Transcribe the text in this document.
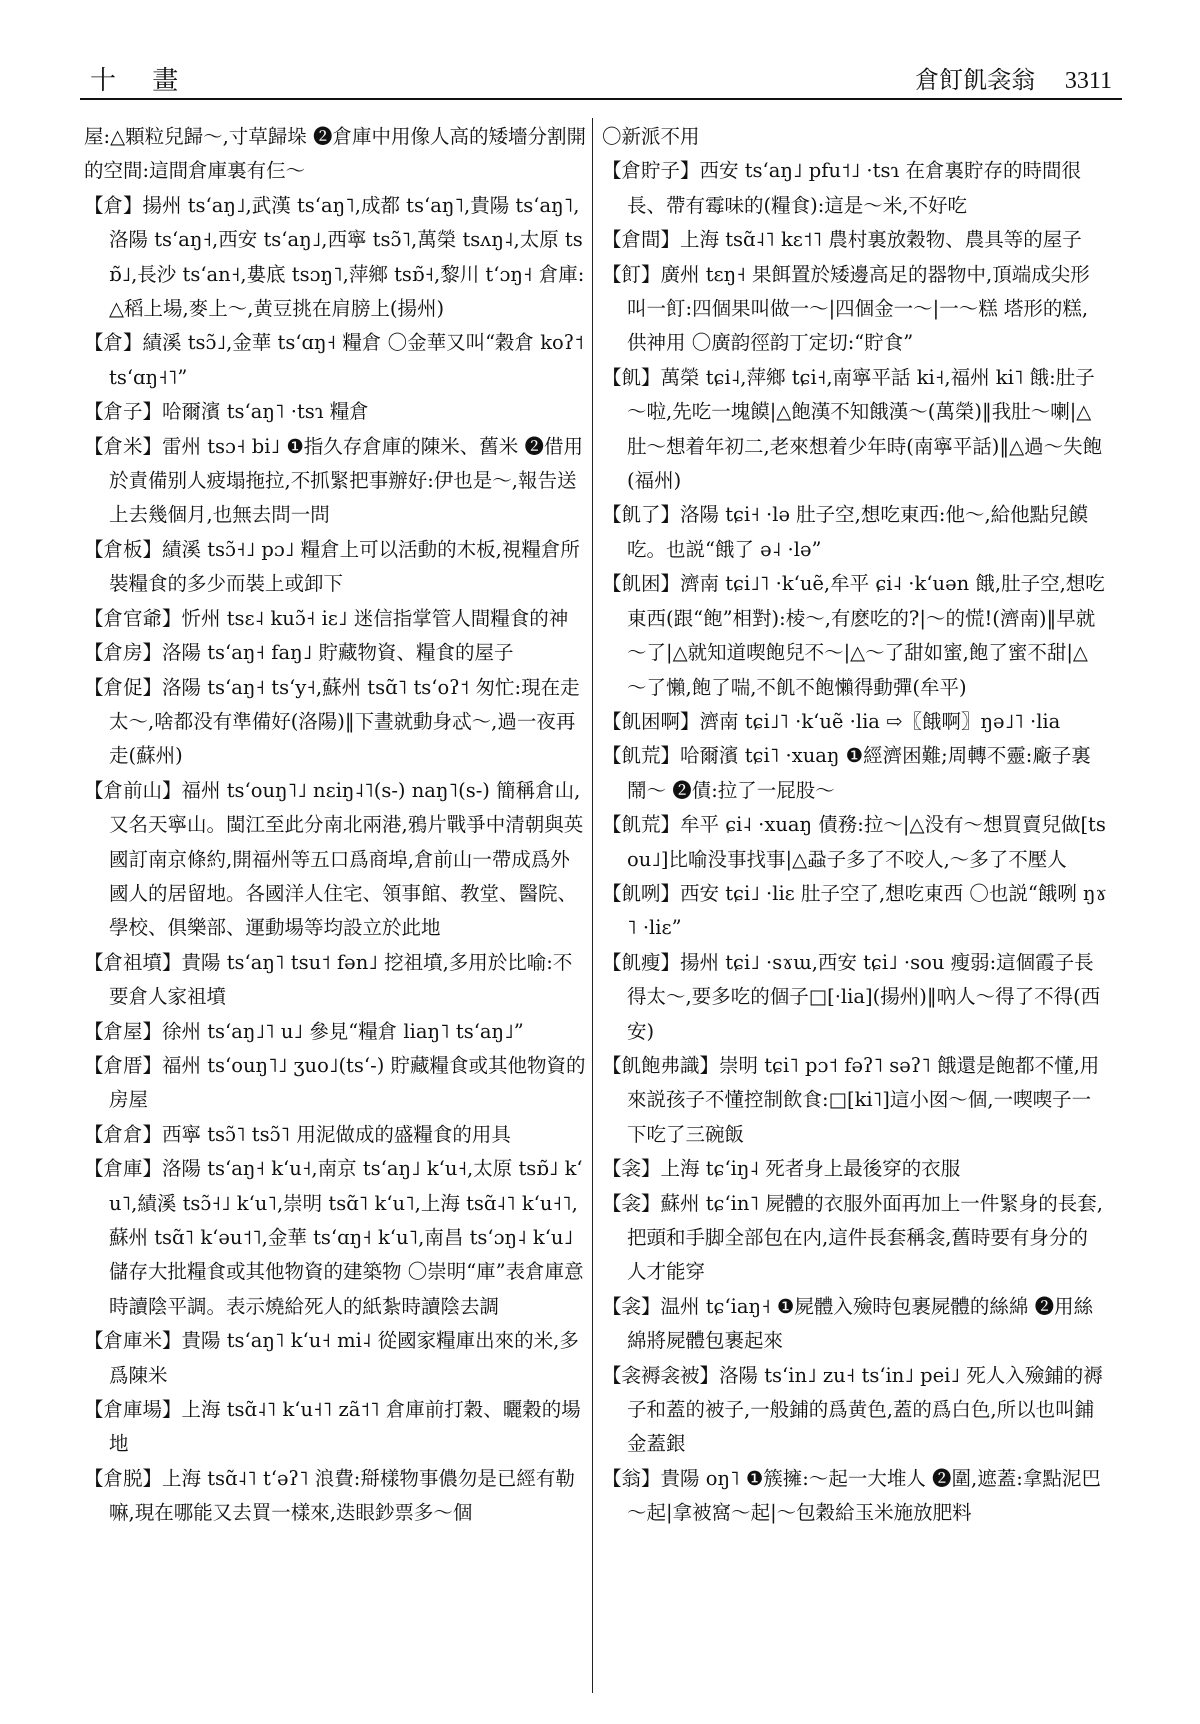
十 畫	倉飣飢衾翁 3311

屋:△顆粒兒歸～,寸草歸垛 ❷倉庫中用像人高的矮墻分割開的空間:這間倉庫裏有仨～

【倉】揚州 tsʻaŋ˩,武漢 tsʻaŋ˥,成都 tsʻaŋ˥,貴陽 tsʻaŋ˥,洛陽 tsʻaŋ˧,西安 tsʻaŋ˩,西寧 tsɔ̃˥,萬榮 tsʌŋ˨,太原 tsɒ̃˩,長沙 tsʻan˧,婁底 tsɔŋ˥,萍鄉 tsɒ̃˧,黎川 tʻɔŋ˧ 倉庫:△稻上場,麥上～,黄豆挑在肩膀上(揚州)

【倉】績溪 tsɔ̃˩,金華 tsʻɑŋ˧ 糧倉 〇金華又叫“穀倉 koʔ˦ tsʻɑŋ˧˥”

【倉子】哈爾濱 tsʻaŋ˥ ·tsɿ 糧倉

【倉米】雷州 tsɔ˧ bi˩ ❶指久存倉庫的陳米、舊米 ❷借用於責備别人疲塌拖拉,不抓緊把事辦好:伊也是～,報告送上去幾個月,也無去問一問

【倉板】績溪 tsɔ̃˧˩ pɔ˩ 糧倉上可以活動的木板,視糧倉所裝糧食的多少而裝上或卸下

【倉官爺】忻州 tsɛ˨ kuɔ̃˧ iɛ˩ 迷信指掌管人間糧食的神

【倉房】洛陽 tsʻaŋ˧ faŋ˩ 貯藏物資、糧食的屋子

【倉促】洛陽 tsʻaŋ˧ tsʻy˧,蘇州 tsɑ̃˥ tsʻoʔ˦ 匆忙:現在走太～,啥都没有準備好(洛陽)‖下晝就動身忒～,過一夜再走(蘇州)

【倉前山】福州 tsʻouŋ˥˩ nɛiŋ˨˥(s-) naŋ˥(s-) 簡稱倉山,又名天寧山。閩江至此分南北兩港,鴉片戰爭中清朝與英國訂南京條約,開福州等五口爲商埠,倉前山一帶成爲外國人的居留地。各國洋人住宅、領事館、教堂、醫院、學校、俱樂部、運動場等均設立於此地

【倉祖墳】貴陽 tsʻaŋ˥ tsu˦ fən˩ 挖祖墳,多用於比喻:不要倉人家祖墳

【倉屋】徐州 tsʻaŋ˩˥ u˩ 參見“糧倉 liaŋ˥ tsʻaŋ˩”

【倉厝】福州 tsʻouŋ˥˩ ʒuo˩(tsʻ-) 貯藏糧食或其他物資的房屋

【倉倉】西寧 tsɔ̃˥ tsɔ̃˥ 用泥做成的盛糧食的用具

【倉庫】洛陽 tsʻaŋ˧ kʻu˧,南京 tsʻaŋ˩ kʻu˧,太原 tsɒ̃˩ kʻu˥,績溪 tsɔ̃˧˩ kʻu˥,崇明 tsɑ̃˥ kʻu˥,上海 tsɑ̃˨˥ kʻu˧˥,蘇州 tsɑ̃˥ kʻəu˦˥,金華 tsʻɑŋ˧ kʻu˥,南昌 tsʻɔŋ˨ kʻu˩ 儲存大批糧食或其他物資的建築物 〇崇明“庫”表倉庫意時讀陰平調。表示燒給死人的紙紮時讀陰去調

【倉庫米】貴陽 tsʻaŋ˥ kʻu˧ mi˨ 從國家糧庫出來的米,多爲陳米

【倉庫場】上海 tsɑ̃˨˥ kʻu˧˥ zã˦˥ 倉庫前打穀、曬穀的場地

【倉脱】上海 tsɑ̃˨˥ tʻəʔ˥ 浪費:搿樣物事儂勿是已經有勒嘛,現在哪能又去買一樣來,迭眼鈔票多～個

〇新派不用

【倉貯子】西安 tsʻaŋ˩ pfu˦˩ ·tsɿ 在倉裏貯存的時間很長、帶有霉味的(糧食):這是～米,不好吃

【倉間】上海 tsɑ̃˨˥ kɛ˦˥ 農村裏放穀物、農具等的屋子

【飣】廣州 tɛŋ˧ 果餌置於矮邊高足的器物中,頂端成尖形叫一飣:四個果叫做一～|四個金一～|一～糕 塔形的糕,供神用 〇廣韵徑韵丁定切:“貯食”

【飢】萬榮 tɕi˨,萍鄉 tɕi˧,南寧平話 ki˧,福州 ki˥ 餓:肚子～啦,先吃一塊饃|△飽漢不知餓漢～(萬榮)‖我肚～喇|△肚～想着年初二,老來想着少年時(南寧平話)‖△過～失飽(福州)

【飢了】洛陽 tɕi˧ ·lə 肚子空,想吃東西:他～,給他點兒饃吃。也説“餓了 ə˨ ·lə”

【飢困】濟南 tɕi˩˥ ·kʻuẽ,牟平 ɕi˨ ·kʻuən 餓,肚子空,想吃東西(跟“飽”相對):棱～,有麽吃的?|～的慌!(濟南)‖早就～了|△就知道喫飽兒不～|△～了甜如蜜,飽了蜜不甜|△～了懶,飽了喘,不飢不飽懶得動彈(牟平)

【飢困啊】濟南 tɕi˩˥ ·kʻuẽ ·lia ⇨〖餓啊〗ŋə˩˥ ·lia

【飢荒】哈爾濱 tɕi˥ ·xuaŋ ❶經濟困難;周轉不靈:廠子裏鬧～ ❷債:拉了一屁股～

【飢荒】牟平 ɕi˨ ·xuaŋ 債務:拉～|△没有～想買賣兒做[tsou˩]比喻没事找事|△蝨子多了不咬人,～多了不壓人

【飢咧】西安 tɕi˩ ·liɛ 肚子空了,想吃東西 〇也説“餓咧 ŋɤ˥ ·liɛ”

【飢瘦】揚州 tɕi˩ ·sɤɯ,西安 tɕi˩ ·sou 瘦弱:這個霞子長得太～,要多吃的個子□[·lia](揚州)‖吶人～得了不得(西安)

【飢飽弗識】崇明 tɕi˥ pɔ˦ fəʔ˥ səʔ˥ 餓還是飽都不懂,用來説孩子不懂控制飲食:□[ki˥]這小囡～個,一喫喫子一下吃了三碗飯

【衾】上海 tɕʻiŋ˨ 死者身上最後穿的衣服

【衾】蘇州 tɕʻin˥ 屍體的衣服外面再加上一件緊身的長套,把頭和手脚全部包在内,這件長套稱衾,舊時要有身分的人才能穿

【衾】温州 tɕʻiaŋ˧ ❶屍體入殮時包裹屍體的絲綿 ❷用絲綿將屍體包裹起來

【衾褥衾被】洛陽 tsʻin˩ zu˧ tsʻin˩ pei˩ 死人入殮鋪的褥子和蓋的被子,一般鋪的爲黄色,蓋的爲白色,所以也叫鋪金蓋銀

【翁】貴陽 oŋ˥ ❶簇擁:～起一大堆人 ❷圍,遮蓋:拿點泥巴～起|拿被窩～起|～包穀給玉米施放肥料
